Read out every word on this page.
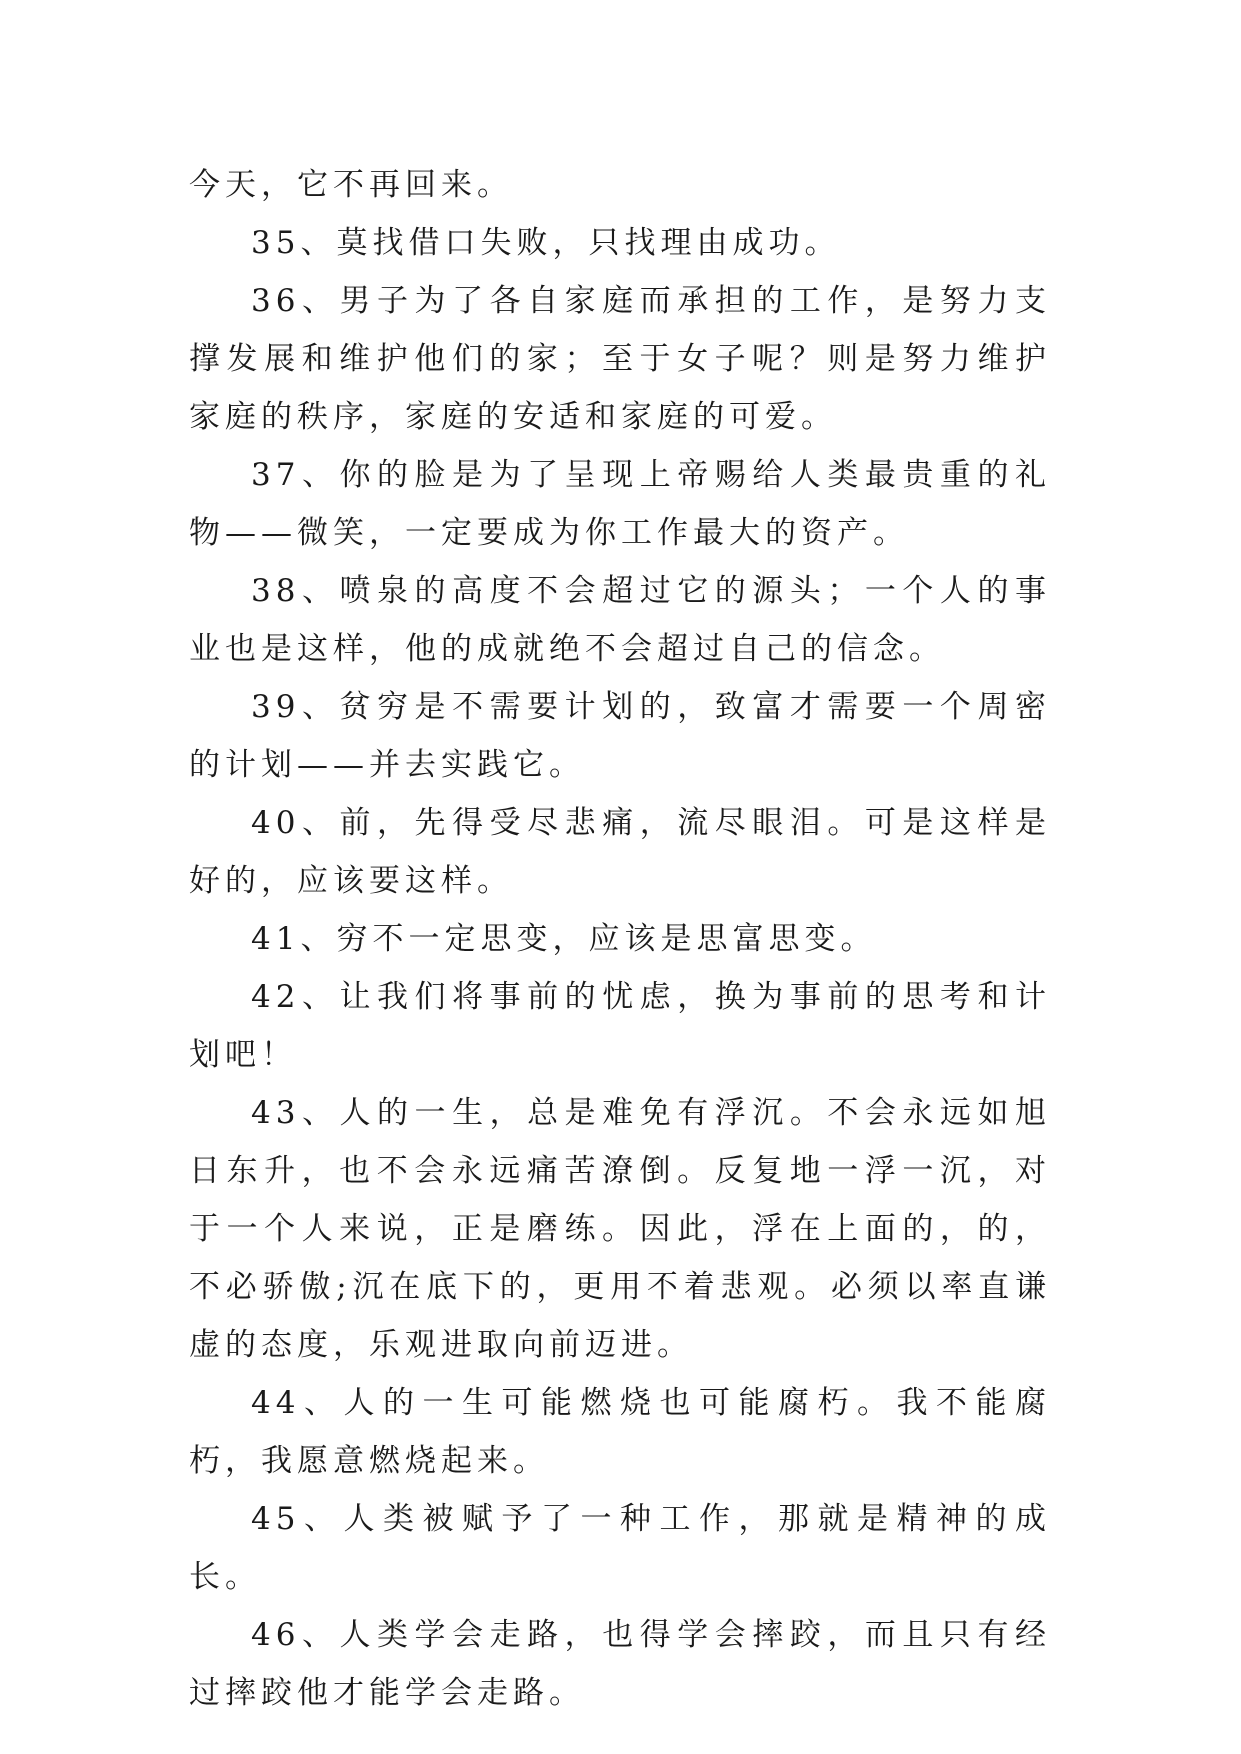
今天，它不再回来。

35、莫找借口失败，只找理由成功。

36、男子为了各自家庭而承担的工作，是努力支撑发展和维护他们的家；至于女子呢？则是努力维护家庭的秩序，家庭的安适和家庭的可爱。

37、你的脸是为了呈现上帝赐给人类最贵重的礼物——微笑，一定要成为你工作最大的资产。

38、喷泉的高度不会超过它的源头；一个人的事业也是这样，他的成就绝不会超过自己的信念。

39、贫穷是不需要计划的，致富才需要一个周密的计划——并去实践它。

40、前，先得受尽悲痛，流尽眼泪。可是这样是好的，应该要这样。

41、穷不一定思变，应该是思富思变。

42、让我们将事前的忧虑，换为事前的思考和计划吧！

43、人的一生，总是难免有浮沉。不会永远如旭日东升，也不会永远痛苦潦倒。反复地一浮一沉，对于一个人来说，正是磨练。因此，浮在上面的，的，不必骄傲;沉在底下的，更用不着悲观。必须以率直谦虚的态度，乐观进取向前迈进。

44、人的一生可能燃烧也可能腐朽。我不能腐朽，我愿意燃烧起来。

45、人类被赋予了一种工作，那就是精神的成长。

46、人类学会走路，也得学会摔跤，而且只有经过摔跤他才能学会走路。
